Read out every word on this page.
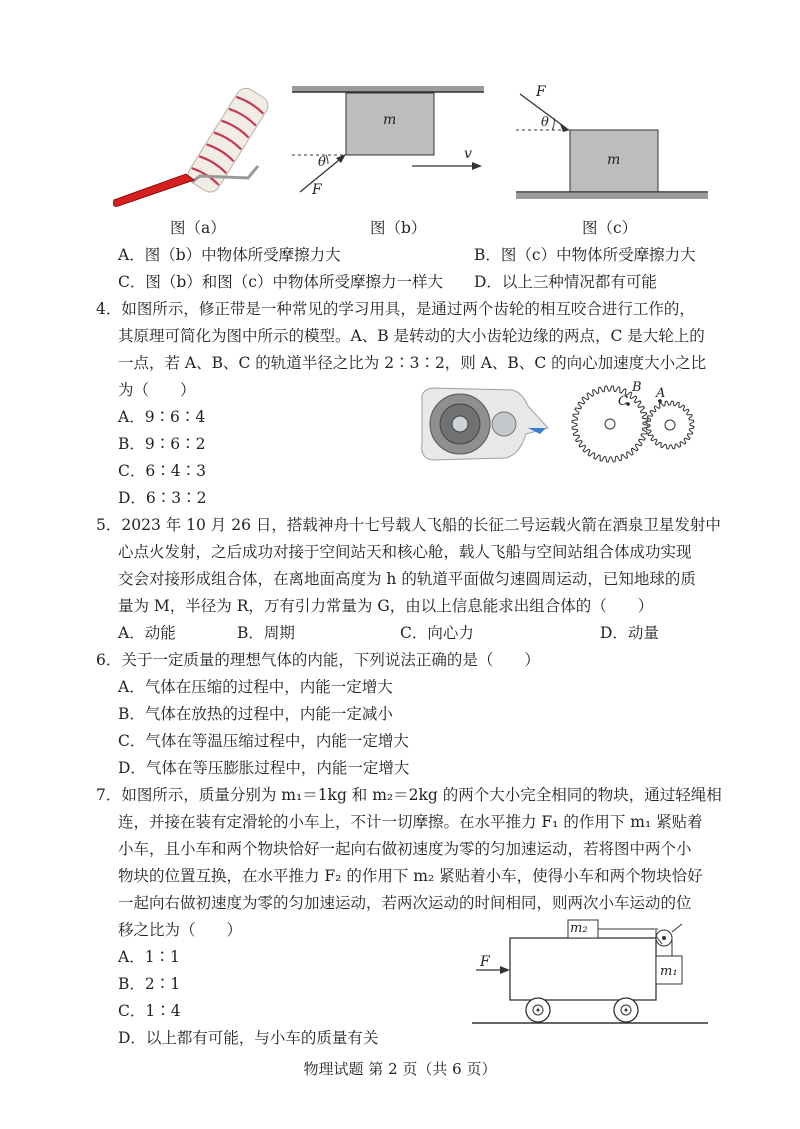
m
θ
F
v
F
θ
m
图（a）	图（b）	图（c）
A．图（b）中物体所受摩擦力大	B．图（c）中物体所受摩擦力大
C．图（b）和图（c）中物体所受摩擦力一样大 D．以上三种情况都有可能
4．如图所示，修正带是一种常见的学习用具，是通过两个齿轮的相互咬合进行工作的，
其原理可简化为图中所示的模型。A、B 是转动的大小齿轮边缘的两点，C 是大轮上的
一点，若 A、B、C 的轨道半径之比为 2∶3∶2，则 A、B、C 的向心加速度大小之比
为（　　）
A．9∶6∶4
B．9∶6∶2
C．6∶4∶3
D．6∶3∶2
C
B A
5．2023 年 10 月 26 日，搭载神舟十七号载人飞船的长征二号运载火箭在酒泉卫星发射中
心点火发射，之后成功对接于空间站天和核心舱，载人飞船与空间站组合体成功实现
交会对接形成组合体，在离地面高度为 h 的轨道平面做匀速圆周运动，已知地球的质
量为 M，半径为 R，万有引力常量为 G，由以上信息能求出组合体的（　　）
A．动能	B．周期	C．向心力	D．动量
6．关于一定质量的理想气体的内能，下列说法正确的是（　　）
A．气体在压缩的过程中，内能一定增大
B．气体在放热的过程中，内能一定减小
C．气体在等温压缩过程中，内能一定增大
D．气体在等压膨胀过程中，内能一定增大
7．如图所示，质量分别为 m₁＝1kg 和 m₂＝2kg 的两个大小完全相同的物块，通过轻绳相
连，并接在装有定滑轮的小车上，不计一切摩擦。在水平推力 F₁ 的作用下 m₁ 紧贴着
小车，且小车和两个物块恰好一起向右做初速度为零的匀加速运动，若将图中两个小
物块的位置互换，在水平推力 F₂ 的作用下 m₂ 紧贴着小车，使得小车和两个物块恰好
一起向右做初速度为零的匀加速运动，若两次运动的时间相同，则两次小车运动的位
移之比为（　　）
A．1∶1
B．2∶1
C．1∶4
D．以上都有可能，与小车的质量有关
F
m₂
m₁
物理试题 第 2 页（共 6 页）
